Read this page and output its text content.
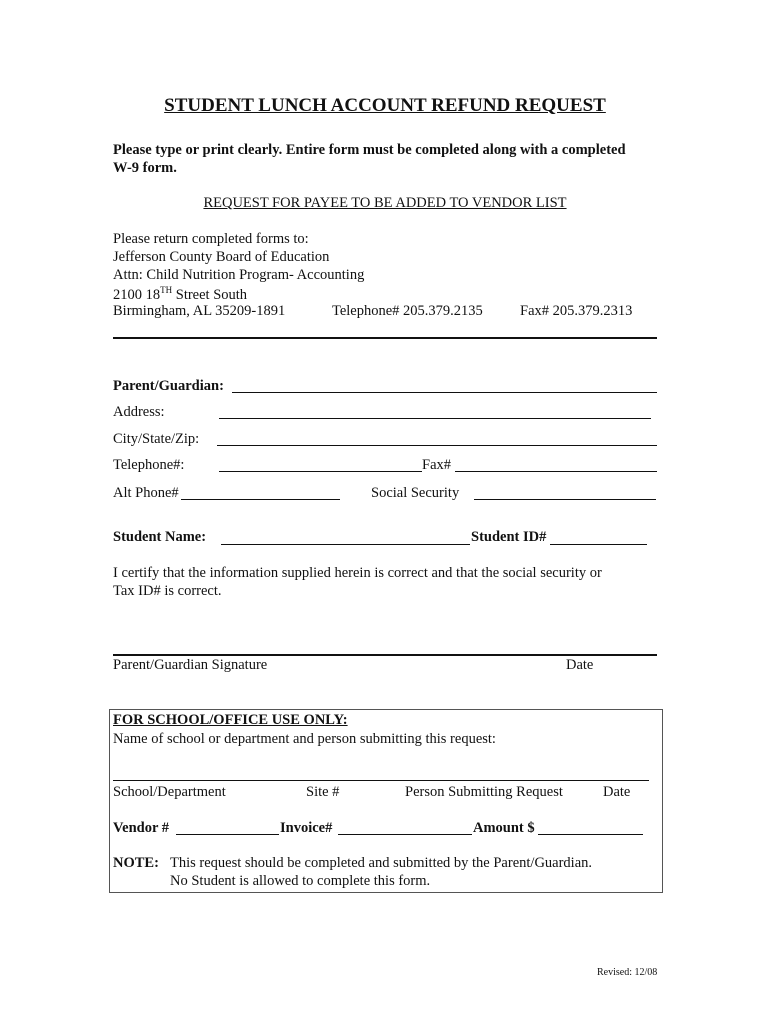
STUDENT LUNCH ACCOUNT REFUND REQUEST
Please type or print clearly. Entire form must be completed along with a completed
W-9 form.
REQUEST FOR PAYEE TO BE ADDED TO VENDOR LIST
Please return completed forms to:
Jefferson County Board of Education
Attn: Child Nutrition Program- Accounting
2100 18TH Street South
Birmingham, AL 35209-1891	Telephone# 205.379.2135	Fax# 205.379.2313
Parent/Guardian:
Address:
City/State/Zip:
Telephone#:	Fax#
Alt Phone#	Social Security
Student Name:	Student ID#
I certify that the information supplied herein is correct and that the social security or
Tax ID# is correct.
Parent/Guardian Signature	Date
FOR SCHOOL/OFFICE USE ONLY:
Name of school or department and person submitting this request:
School/Department	Site #	Person Submitting Request	Date
Vendor #	Invoice#	Amount $
NOTE: This request should be completed and submitted by the Parent/Guardian.
No Student is allowed to complete this form.
Revised: 12/08
